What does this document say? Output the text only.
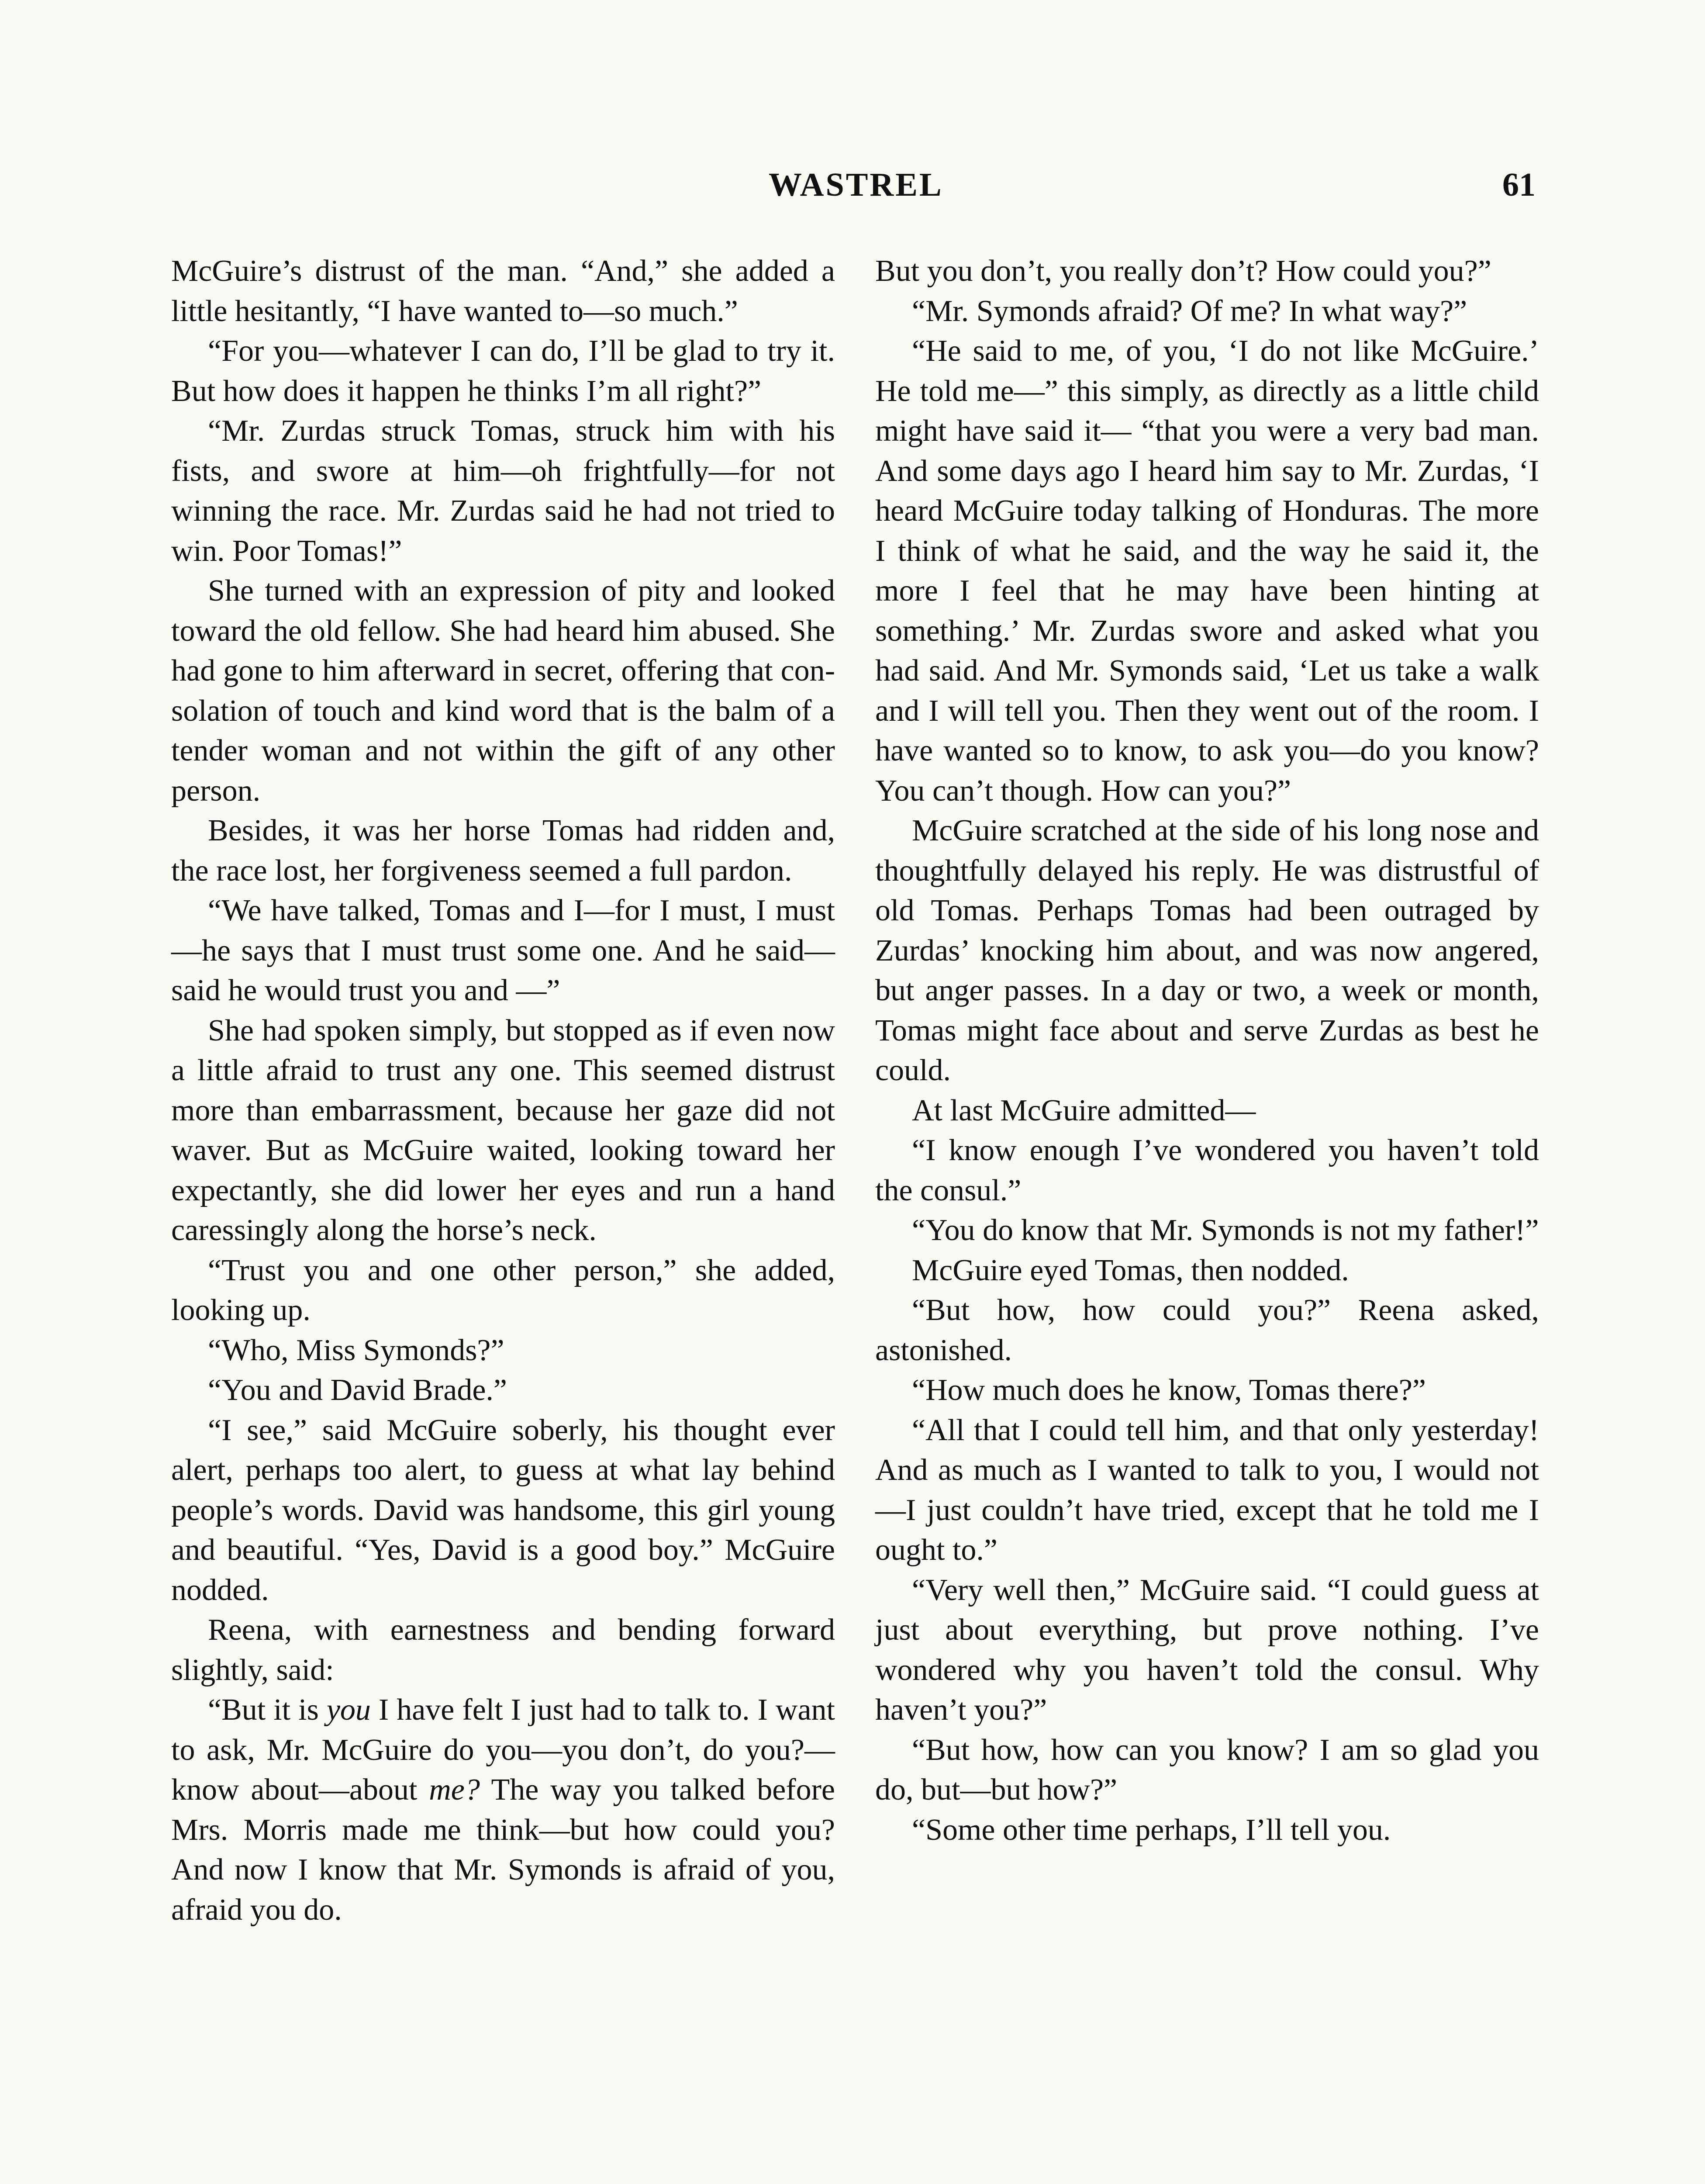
WASTREL	61

McGuire’s distrust of the man. “And,” she added a little hesitantly, “I have wanted to—so much.”

“For you—whatever I can do, I’ll be glad to try it. But how does it happen he thinks I’m all right?”

“Mr. Zurdas struck Tomas, struck him with his fists, and swore at him—oh frightfully—for not winning the race. Mr. Zurdas said he had not tried to win. Poor Tomas!”

She turned with an expression of pity and looked toward the old fellow. She had heard him abused. She had gone to him afterward in secret, offering that consolation of touch and kind word that is the balm of a tender woman and not within the gift of any other person.

Besides, it was her horse Tomas had ridden and, the race lost, her forgiveness seemed a full pardon.

“We have talked, Tomas and I—for I must, I must—he says that I must trust some one. And he said—said he would trust you and —”

She had spoken simply, but stopped as if even now a little afraid to trust any one. This seemed distrust more than embarrassment, because her gaze did not waver. But as McGuire waited, looking toward her expectantly, she did lower her eyes and run a hand caressingly along the horse’s neck.

“Trust you and one other person,” she added, looking up.

“Who, Miss Symonds?”

“You and David Brade.”

“I see,” said McGuire soberly, his thought ever alert, perhaps too alert, to guess at what lay behind people’s words. David was handsome, this girl young and beautiful. “Yes, David is a good boy.” McGuire nodded.

Reena, with earnestness and bending forward slightly, said:

“But it is you I have felt I just had to talk to. I want to ask, Mr. McGuire do you—you don’t, do you?—know about—about me? The way you talked before Mrs. Morris made me think—but how could you? And now I know that Mr. Symonds is afraid of you, afraid you do.

But you don’t, you really don’t? How could you?”

“Mr. Symonds afraid? Of me? In what way?”

“He said to me, of you, ‘I do not like McGuire.’ He told me—” this simply, as directly as a little child might have said it— “that you were a very bad man. And some days ago I heard him say to Mr. Zurdas, ‘I heard McGuire today talking of Honduras. The more I think of what he said, and the way he said it, the more I feel that he may have been hinting at something.’ Mr. Zurdas swore and asked what you had said. And Mr. Symonds said, ‘Let us take a walk and I will tell you. Then they went out of the room. I have wanted so to know, to ask you—do you know? You can’t though. How can you?”

McGuire scratched at the side of his long nose and thoughtfully delayed his reply. He was distrustful of old Tomas. Perhaps Tomas had been outraged by Zurdas’ knocking him about, and was now angered, but anger passes. In a day or two, a week or month, Tomas might face about and serve Zurdas as best he could.

At last McGuire admitted—

“I know enough I’ve wondered you haven’t told the consul.”

“You do know that Mr. Symonds is not my father!”

McGuire eyed Tomas, then nodded.

“But how, how could you?” Reena asked, astonished.

“How much does he know, Tomas there?”

“All that I could tell him, and that only yesterday! And as much as I wanted to talk to you, I would not—I just couldn’t have tried, except that he told me I ought to.”

“Very well then,” McGuire said. “I could guess at just about everything, but prove nothing. I’ve wondered why you haven’t told the consul. Why haven’t you?”

“But how, how can you know? I am so glad you do, but—but how?”

“Some other time perhaps, I’ll tell you.
